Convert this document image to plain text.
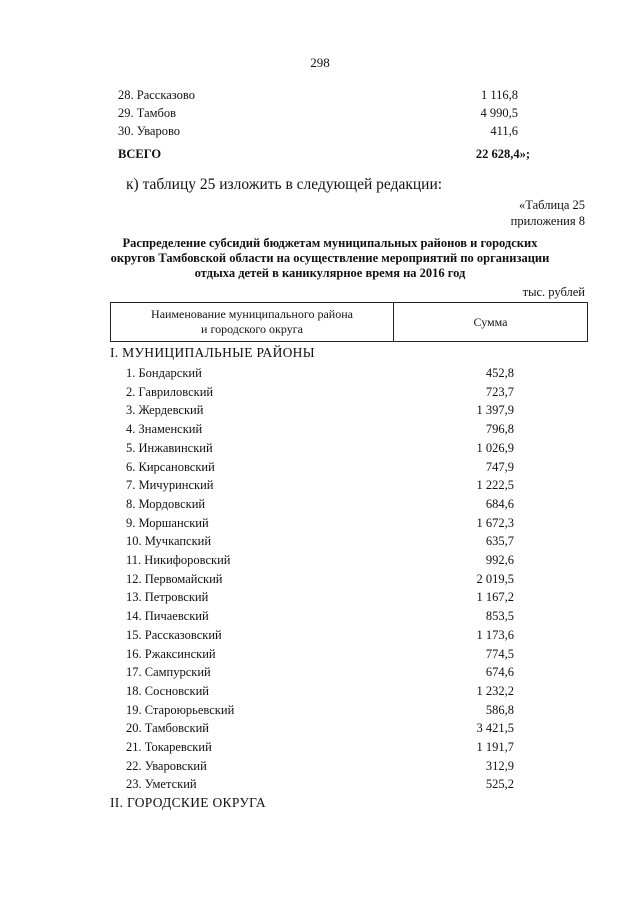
298
28. Рассказово	1 116,8
29. Тамбов	4 990,5
30. Уварово	411,6
ВСЕГО	22 628,4»;
к) таблицу 25 изложить в следующей редакции:
«Таблица 25
приложения 8
Распределение субсидий бюджетам муниципальных районов и городских округов Тамбовской области на осуществление мероприятий по организации отдыха детей в каникулярное время на 2016 год
тыс. рублей
Наименование муниципального района
и городского округа
	Сумма
I. МУНИЦИПАЛЬНЫЕ РАЙОНЫ
1. Бондарский	452,8
2. Гавриловский	723,7
3. Жердевский	1 397,9
4. Знаменский	796,8
5. Инжавинский	1 026,9
6. Кирсановский	747,9
7. Мичуринский	1 222,5
8. Мордовский	684,6
9. Моршанский	1 672,3
10. Мучкапский	635,7
11. Никифоровский	992,6
12. Первомайский	2 019,5
13. Петровский	1 167,2
14. Пичаевский	853,5
15. Рассказовский	1 173,6
16. Ржаксинский	774,5
17. Сампурский	674,6
18. Сосновский	1 232,2
19. Староюрьевский	586,8
20. Тамбовский	3 421,5
21. Токаревский	1 191,7
22. Уваровский	312,9
23. Уметский	525,2
II. ГОРОДСКИЕ ОКРУГА
